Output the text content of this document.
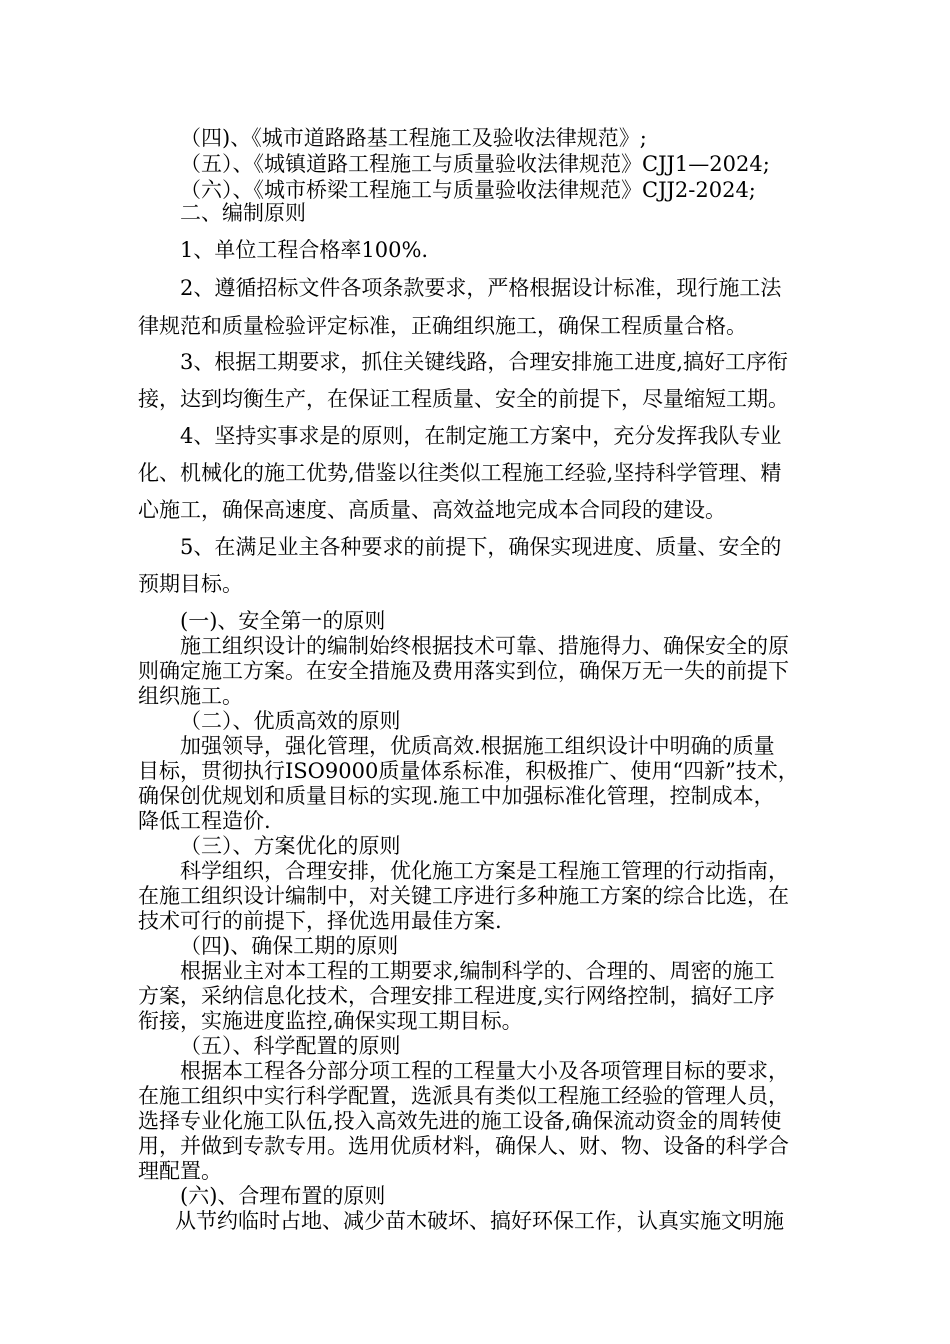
（四)、《城市道路路基工程施工及验收法律规范》;
（五）、《城镇道路工程施工与质量验收法律规范》CJJ1—2024;
（六）、《城市桥梁工程施工与质量验收法律规范》CJJ2-2024;
二、编制原则
1、单位工程合格率100%.
2、遵循招标文件各项条款要求，严格根据设计标准，现行施工法
律规范和质量检验评定标准，正确组织施工，确保工程质量合格。
3、根据工期要求，抓住关键线路，合理安排施工进度,搞好工序衔
接，达到均衡生产，在保证工程质量、安全的前提下，尽量缩短工期。
4、坚持实事求是的原则，在制定施工方案中，充分发挥我队专业
化、机械化的施工优势,借鉴以往类似工程施工经验,坚持科学管理、精
心施工，确保高速度、高质量、高效益地完成本合同段的建设。
5、在满足业主各种要求的前提下，确保实现进度、质量、安全的
预期目标。
(一)、安全第一的原则
施工组织设计的编制始终根据技术可靠、措施得力、确保安全的原
则确定施工方案。在安全措施及费用落实到位，确保万无一失的前提下
组织施工。
（二）、优质高效的原则
加强领导，强化管理，优质高效.根据施工组织设计中明确的质量
目标，贯彻执行ISO9000质量体系标准，积极推广、使用“四新”技术，
确保创优规划和质量目标的实现.施工中加强标准化管理，控制成本，
降低工程造价.
（三）、方案优化的原则
科学组织，合理安排，优化施工方案是工程施工管理的行动指南，
在施工组织设计编制中，对关键工序进行多种施工方案的综合比选，在
技术可行的前提下，择优选用最佳方案.
（四)、确保工期的原则
根据业主对本工程的工期要求,编制科学的、合理的、周密的施工
方案，采纳信息化技术，合理安排工程进度,实行网络控制，搞好工序
衔接，实施进度监控,确保实现工期目标。
（五）、科学配置的原则
根据本工程各分部分项工程的工程量大小及各项管理目标的要求，
在施工组织中实行科学配置，选派具有类似工程施工经验的管理人员，
选择专业化施工队伍,投入高效先进的施工设备,确保流动资金的周转使
用，并做到专款专用。选用优质材料，确保人、财、物、设备的科学合
理配置。
(六)、合理布置的原则
从节约临时占地、减少苗木破坏、搞好环保工作，认真实施文明施
